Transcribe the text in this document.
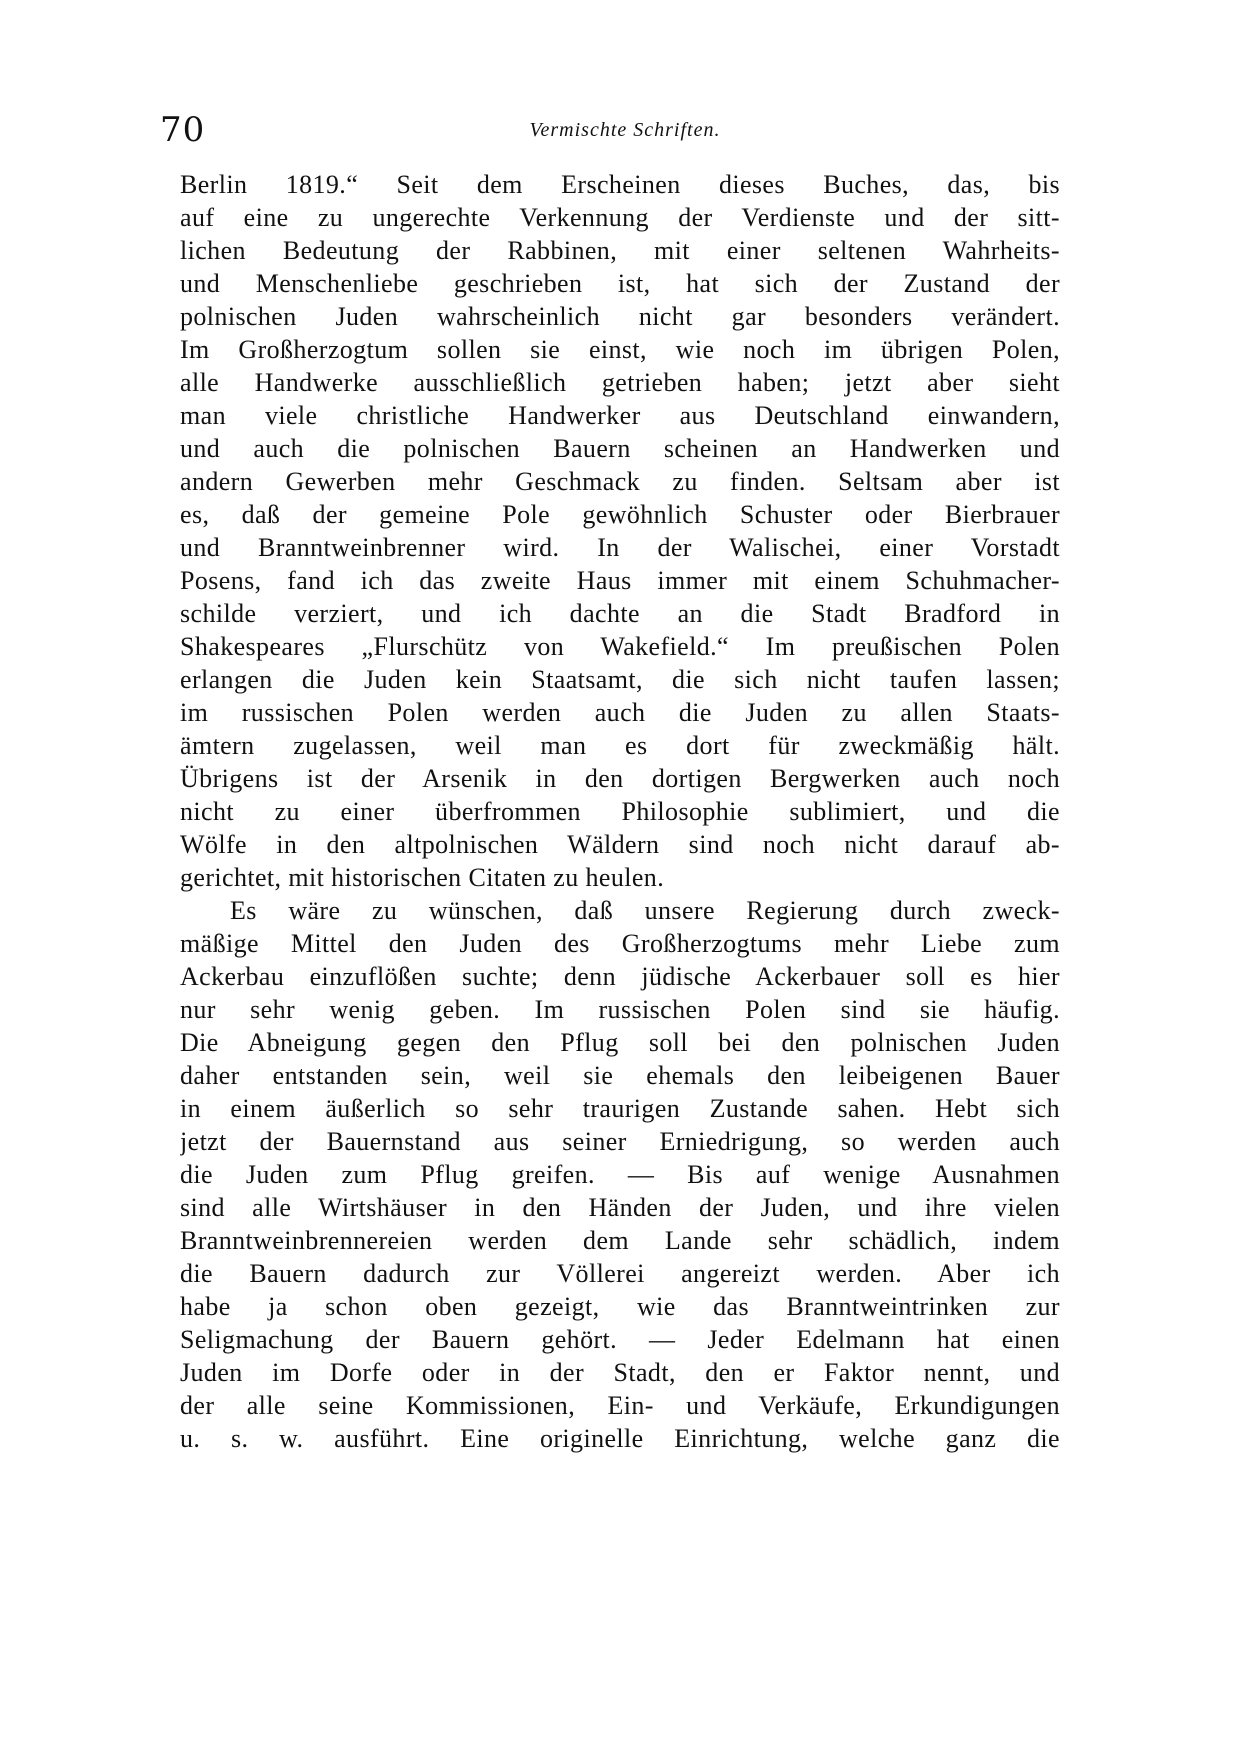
70	Vermischte Schriften.
Berlin 1819.“ Seit dem Erscheinen dieses Buches, das, bis
auf eine zu ungerechte Verkennung der Verdienste und der sitt-
lichen Bedeutung der Rabbinen, mit einer seltenen Wahrheits-
und Menschenliebe geschrieben ist, hat sich der Zustand der
polnischen Juden wahrscheinlich nicht gar besonders verändert.
Im Großherzogtum sollen sie einst, wie noch im übrigen Polen,
alle Handwerke ausschließlich getrieben haben; jetzt aber sieht
man viele christliche Handwerker aus Deutschland einwandern,
und auch die polnischen Bauern scheinen an Handwerken und
andern Gewerben mehr Geschmack zu finden. Seltsam aber ist
es, daß der gemeine Pole gewöhnlich Schuster oder Bierbrauer
und Branntweinbrenner wird. In der Walischei, einer Vorstadt
Posens, fand ich das zweite Haus immer mit einem Schuhmacher-
schilde verziert, und ich dachte an die Stadt Bradford in
Shakespeares „Flurschütz von Wakefield.“ Im preußischen Polen
erlangen die Juden kein Staatsamt, die sich nicht taufen lassen;
im russischen Polen werden auch die Juden zu allen Staats-
ämtern zugelassen, weil man es dort für zweckmäßig hält.
Übrigens ist der Arsenik in den dortigen Bergwerken auch noch
nicht zu einer überfrommen Philosophie sublimiert, und die
Wölfe in den altpolnischen Wäldern sind noch nicht darauf ab-
gerichtet, mit historischen Citaten zu heulen.
Es wäre zu wünschen, daß unsere Regierung durch zweck-
mäßige Mittel den Juden des Großherzogtums mehr Liebe zum
Ackerbau einzuflößen suchte; denn jüdische Ackerbauer soll es hier
nur sehr wenig geben. Im russischen Polen sind sie häufig.
Die Abneigung gegen den Pflug soll bei den polnischen Juden
daher entstanden sein, weil sie ehemals den leibeigenen Bauer
in einem äußerlich so sehr traurigen Zustande sahen. Hebt sich
jetzt der Bauernstand aus seiner Erniedrigung, so werden auch
die Juden zum Pflug greifen. — Bis auf wenige Ausnahmen
sind alle Wirtshäuser in den Händen der Juden, und ihre vielen
Branntweinbrennereien werden dem Lande sehr schädlich, indem
die Bauern dadurch zur Völlerei angereizt werden. Aber ich
habe ja schon oben gezeigt, wie das Branntweintrinken zur
Seligmachung der Bauern gehört. — Jeder Edelmann hat einen
Juden im Dorfe oder in der Stadt, den er Faktor nennt, und
der alle seine Kommissionen, Ein- und Verkäufe, Erkundigungen
u. s. w. ausführt. Eine originelle Einrichtung, welche ganz die
